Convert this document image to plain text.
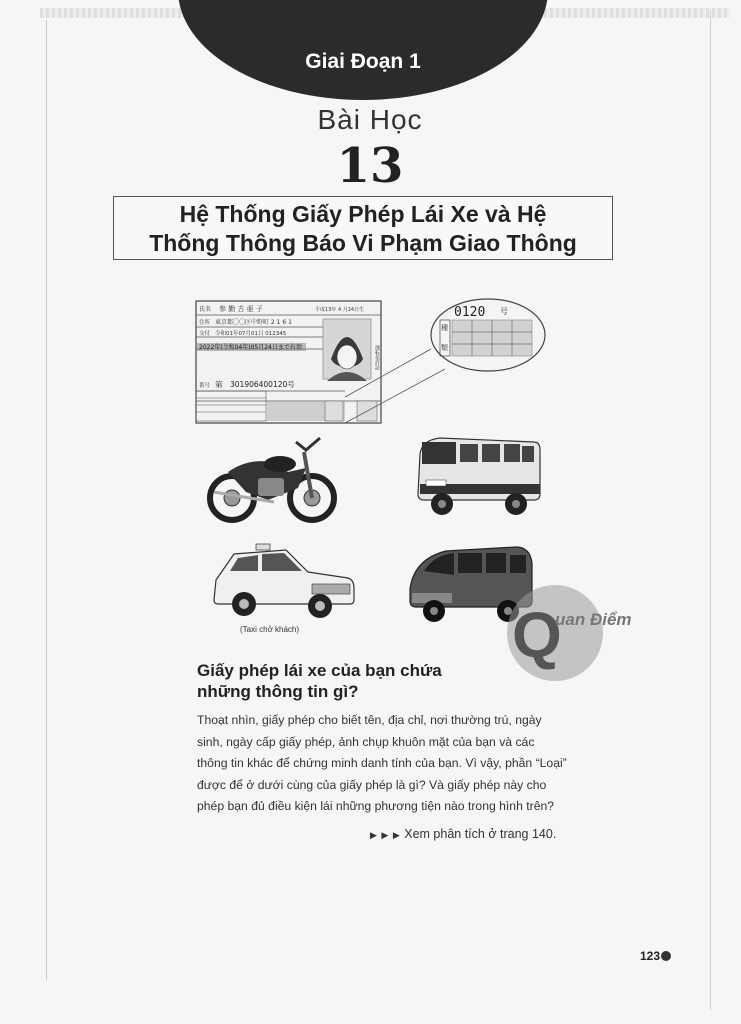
Giai Đoạn 1
Bài Học
13
Hệ Thống Giấy Phép Lái Xe và Hệ
Thống Thông Báo Vi Phạm Giao Thông
氏名 参 勤 古 亜 子	平成13年 4 月24日生
住所 東京都〇〇区中野町 2 1 6 1
交付 令和01年07月01日 012345
2022年(令和04年)05月24日まで有効
番号 第　301906400120号
運転免許証
0120 号
種
類
(Taxi chở khách)	Q
uan Điểm
Giấy phép lái xe của bạn chứa những thông tin gì?
Thoạt nhìn, giấy phép cho biết tên, địa chỉ, nơi thường trú, ngày sinh, ngày cấp giấy phép, ảnh chụp khuôn mặt của bạn và các thông tin khác để chứng minh danh tính của bạn. Vì vậy, phần “Loại” được để ở dưới cùng của giấy phép là gì? Và giấy phép này cho phép bạn đủ điều kiện lái những phương tiện nào trong hình trên?
▶ ▶ ▶ Xem phân tích ở trang 140.
123
